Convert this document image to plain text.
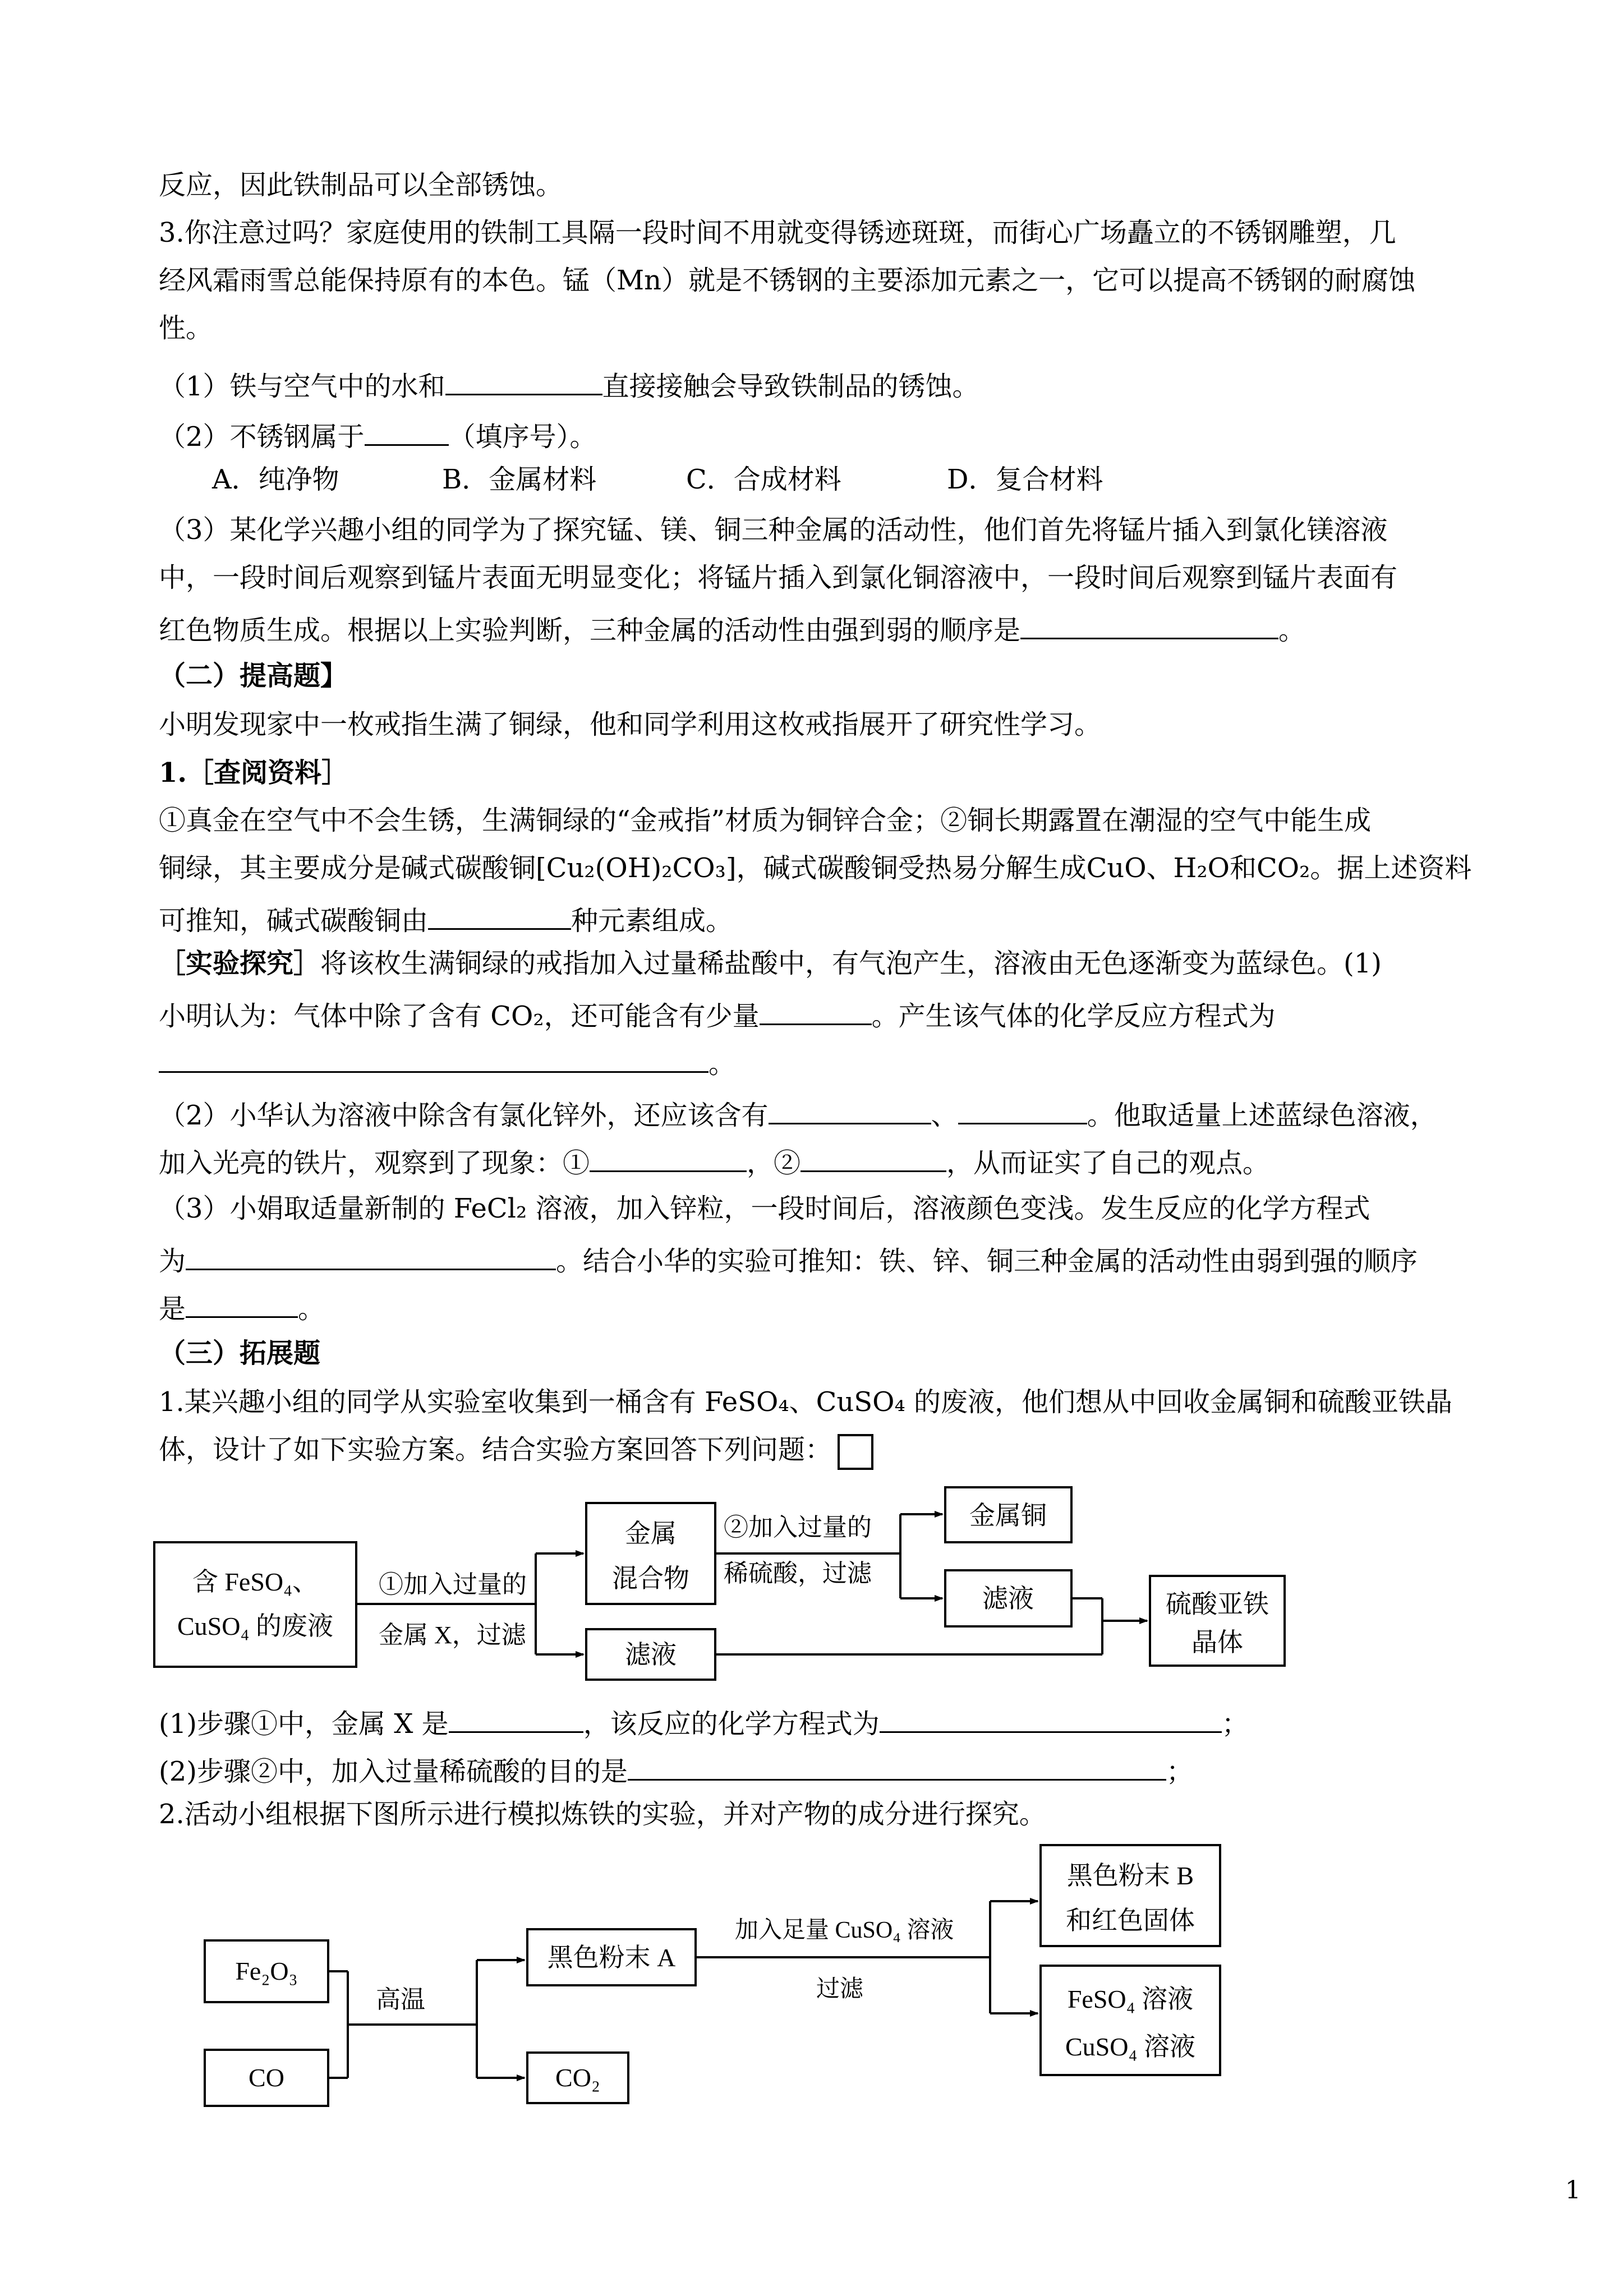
反应，因此铁制品可以全部锈蚀。
3.你注意过吗？家庭使用的铁制工具隔一段时间不用就变得锈迹斑斑，而街心广场矗立的不锈钢雕塑，几
经风霜雨雪总能保持原有的本色。锰（Mn）就是不锈钢的主要添加元素之一，它可以提高不锈钢的耐腐蚀
性。
（1）铁与空气中的水和	直接接触会导致铁制品的锈蚀。
（2）不锈钢属于	（填序号）。
A．纯净物	B．金属材料	C．合成材料	D．复合材料
（3）某化学兴趣小组的同学为了探究锰、镁、铜三种金属的活动性，他们首先将锰片插入到氯化镁溶液
中，一段时间后观察到锰片表面无明显变化；将锰片插入到氯化铜溶液中，一段时间后观察到锰片表面有
红色物质生成。根据以上实验判断，三种金属的活动性由强到弱的顺序是	。
（二）提高题】
小明发现家中一枚戒指生满了铜绿，他和同学利用这枚戒指展开了研究性学习。
1.［查阅资料］
①真金在空气中不会生锈，生满铜绿的“金戒指”材质为铜锌合金；②铜长期露置在潮湿的空气中能生成
铜绿，其主要成分是碱式碳酸铜[Cu₂(OH)₂CO₃]，碱式碳酸铜受热易分解生成CuO、H₂O和CO₂。据上述资料
可推知，碱式碳酸铜由	种元素组成。
［实验探究］将该枚生满铜绿的戒指加入过量稀盐酸中，有气泡产生，溶液由无色逐渐变为蓝绿色。(1)
小明认为：气体中除了含有 CO₂，还可能含有少量	。产生该气体的化学反应方程式为
。
（2）小华认为溶液中除含有氯化锌外，还应该含有	、	。他取适量上述蓝绿色溶液，
加入光亮的铁片，观察到了现象：①	，②	，从而证实了自己的观点。
（3）小娟取适量新制的 FeCl₂ 溶液，加入锌粒，一段时间后，溶液颜色变浅。发生反应的化学方程式
为	。结合小华的实验可推知：铁、锌、铜三种金属的活动性由弱到强的顺序
是	。
（三）拓展题
1.某兴趣小组的同学从实验室收集到一桶含有 FeSO₄、CuSO₄ 的废液，他们想从中回收金属铜和硫酸亚铁晶
体，设计了如下实验方案。结合实验方案回答下列问题：
含 FeSO₄、
CuSO₄ 的废液
①加入过量的
金属 X，过滤
金属
混合物
滤液
②加入过量的
稀硫酸，过滤
金属铜
滤液	硫酸亚铁
晶体
(1)步骤①中，金属 X 是	，该反应的化学方程式为	；
(2)步骤②中，加入过量稀硫酸的目的是	；
2.活动小组根据下图所示进行模拟炼铁的实验，并对产物的成分进行探究。
Fe₂O₃
CO
高温
黑色粉末 A
CO₂
加入足量 CuSO₄ 溶液
过滤
黑色粉末 B
和红色固体
FeSO₄ 溶液
CuSO₄ 溶液
1
